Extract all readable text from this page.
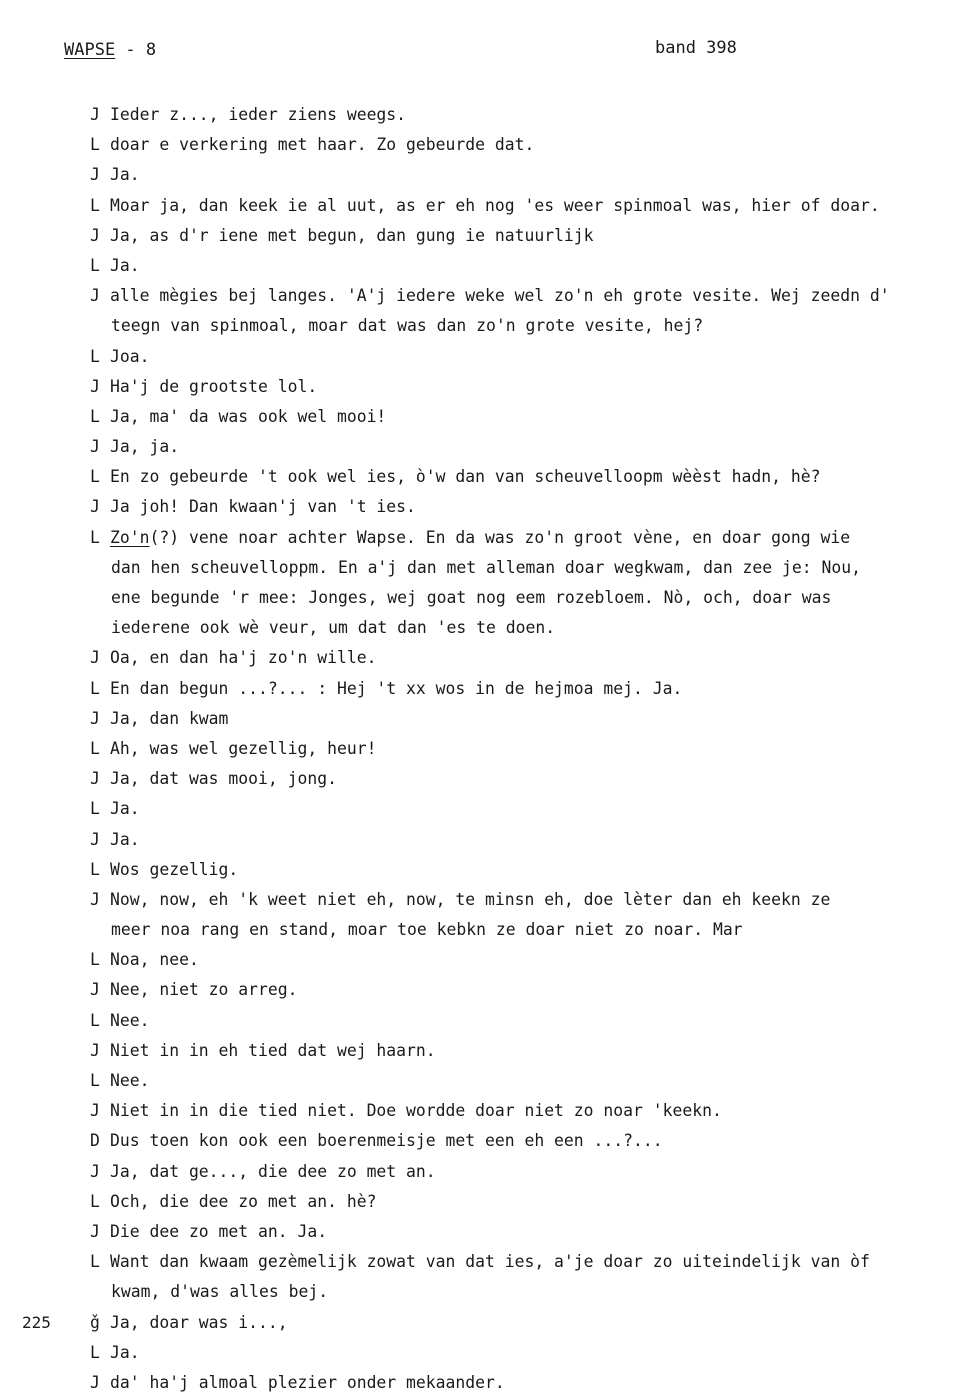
WAPSE - 8	band 398
J Ieder z..., ieder ziens weegs.
L doar e verkering met haar. Zo gebeurde dat.
J Ja.
L Moar ja, dan keek ie al uut, as er eh nog 'es weer spinmoal was, hier of doar.
J Ja, as d'r iene met begun, dan gung ie natuurlijk
L Ja.
J alle mègies bej langes. 'A'j iedere weke wel zo'n eh grote vesite. Wej zeedn d'
teegn van spinmoal, moar dat was dan zo'n grote vesite, hej?
L Joa.
J Ha'j de grootste lol.
L Ja, ma' da was ook wel mooi!
J Ja, ja.
L En zo gebeurde 't ook wel ies, ò'w dan van scheuvelloopm wèèst hadn, hè?
J Ja joh! Dan kwaan'j van 't ies.
L Zo'n(?) vene noar achter Wapse. En da was zo'n groot vène, en doar gong wie
dan hen scheuvelloppm. En a'j dan met alleman doar wegkwam, dan zee je: Nou,
ene begunde 'r mee: Jonges, wej goat nog eem rozebloem. Nò, och, doar was
iederene ook wè veur, um dat dan 'es te doen.
J Oa, en dan ha'j zo'n wille.
L En dan begun ...?... : Hej 't xx wos in de hejmoa mej. Ja.
J Ja, dan kwam
L Ah, was wel gezellig, heur!
J Ja, dat was mooi, jong.
L Ja.
J Ja.
L Wos gezellig.
J Now, now, eh 'k weet niet eh, now, te minsn eh, doe lèter dan eh keekn ze
meer noa rang en stand, moar toe kebkn ze doar niet zo noar. Mar
L Noa, nee.
J Nee, niet zo arreg.
L Nee.
J Niet in in eh tied dat wej haarn.
L Nee.
J Niet in in die tied niet. Doe wordde doar niet zo noar 'keekn.
D Dus toen kon ook een boerenmeisje met een eh een ...?...
J Ja, dat ge..., die dee zo met an.
L Och, die dee zo met an. hè?
J Die dee zo met an. Ja.
L Want dan kwaam gezèmelijk zowat van dat ies, a'je doar zo uiteindelijk van òf
kwam, d'was alles bej.
225 ǧ Ja, doar was i...,
L Ja.
J da' ha'j almoal plezier onder mekaander.
